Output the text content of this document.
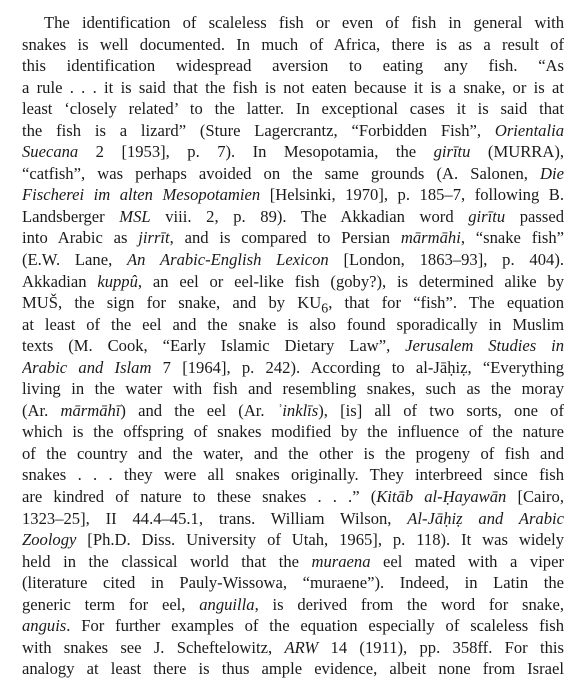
The identification of scaleless fish or even of fish in general with
snakes is well documented. In much of Africa, there is as a result of
this identification widespread aversion to eating any fish. “As
a rule . . . it is said that the fish is not eaten because it is a snake, or is at
least ‘closely related’ to the latter. In exceptional cases it is said that
the fish is a lizard” (Sture Lagercrantz, “Forbidden Fish”, Orientalia
Suecana 2 [1953], p. 7). In Mesopotamia, the girītu (MURRA),
“catfish”, was perhaps avoided on the same grounds (A. Salonen, Die
Fischerei im alten Mesopotamien [Helsinki, 1970], p. 185–7, following B.
Landsberger MSL viii. 2, p. 89). The Akkadian word girītu passed
into Arabic as jirrīt, and is compared to Persian mārmāhi, “snake fish”
(E.W. Lane, An Arabic-English Lexicon [London, 1863–93], p. 404).
Akkadian kuppû, an eel or eel-like fish (goby?), is determined alike by
MUŠ, the sign for snake, and by $KU_6$, that for “fish”. The equation
at least of the eel and the snake is also found sporadically in Muslim
texts (M. Cook, “Early Islamic Dietary Law”, Jerusalem Studies in
Arabic and Islam 7 [1964], p. 242). According to al-Jāḥiẓ, “Everything
living in the water with fish and resembling snakes, such as the moray
(Ar. mārmāhī) and the eel (Ar. ʾinklīs), [is] all of two sorts, one of
which is the offspring of snakes modified by the influence of the nature
of the country and the water, and the other is the progeny of fish and
snakes . . . they were all snakes originally. They interbreed since fish
are kindred of nature to these snakes . . .” (Kitāb al-Ḥayawān [Cairo,
1323–25], II 44.4–45.1, trans. William Wilson, Al-Jāḥiẓ and Arabic
Zoology [Ph.D. Diss. University of Utah, 1965], p. 118). It was widely
held in the classical world that the muraena eel mated with a viper
(literature cited in Pauly-Wissowa, “muraene”). Indeed, in Latin the
generic term for eel, anguilla, is derived from the word for snake,
anguis. For further examples of the equation especially of scaleless fish
with snakes see J. Scheftelowitz, ARW 14 (1911), pp. 358ff. For this
analogy at least there is thus ample evidence, albeit none from Israel
